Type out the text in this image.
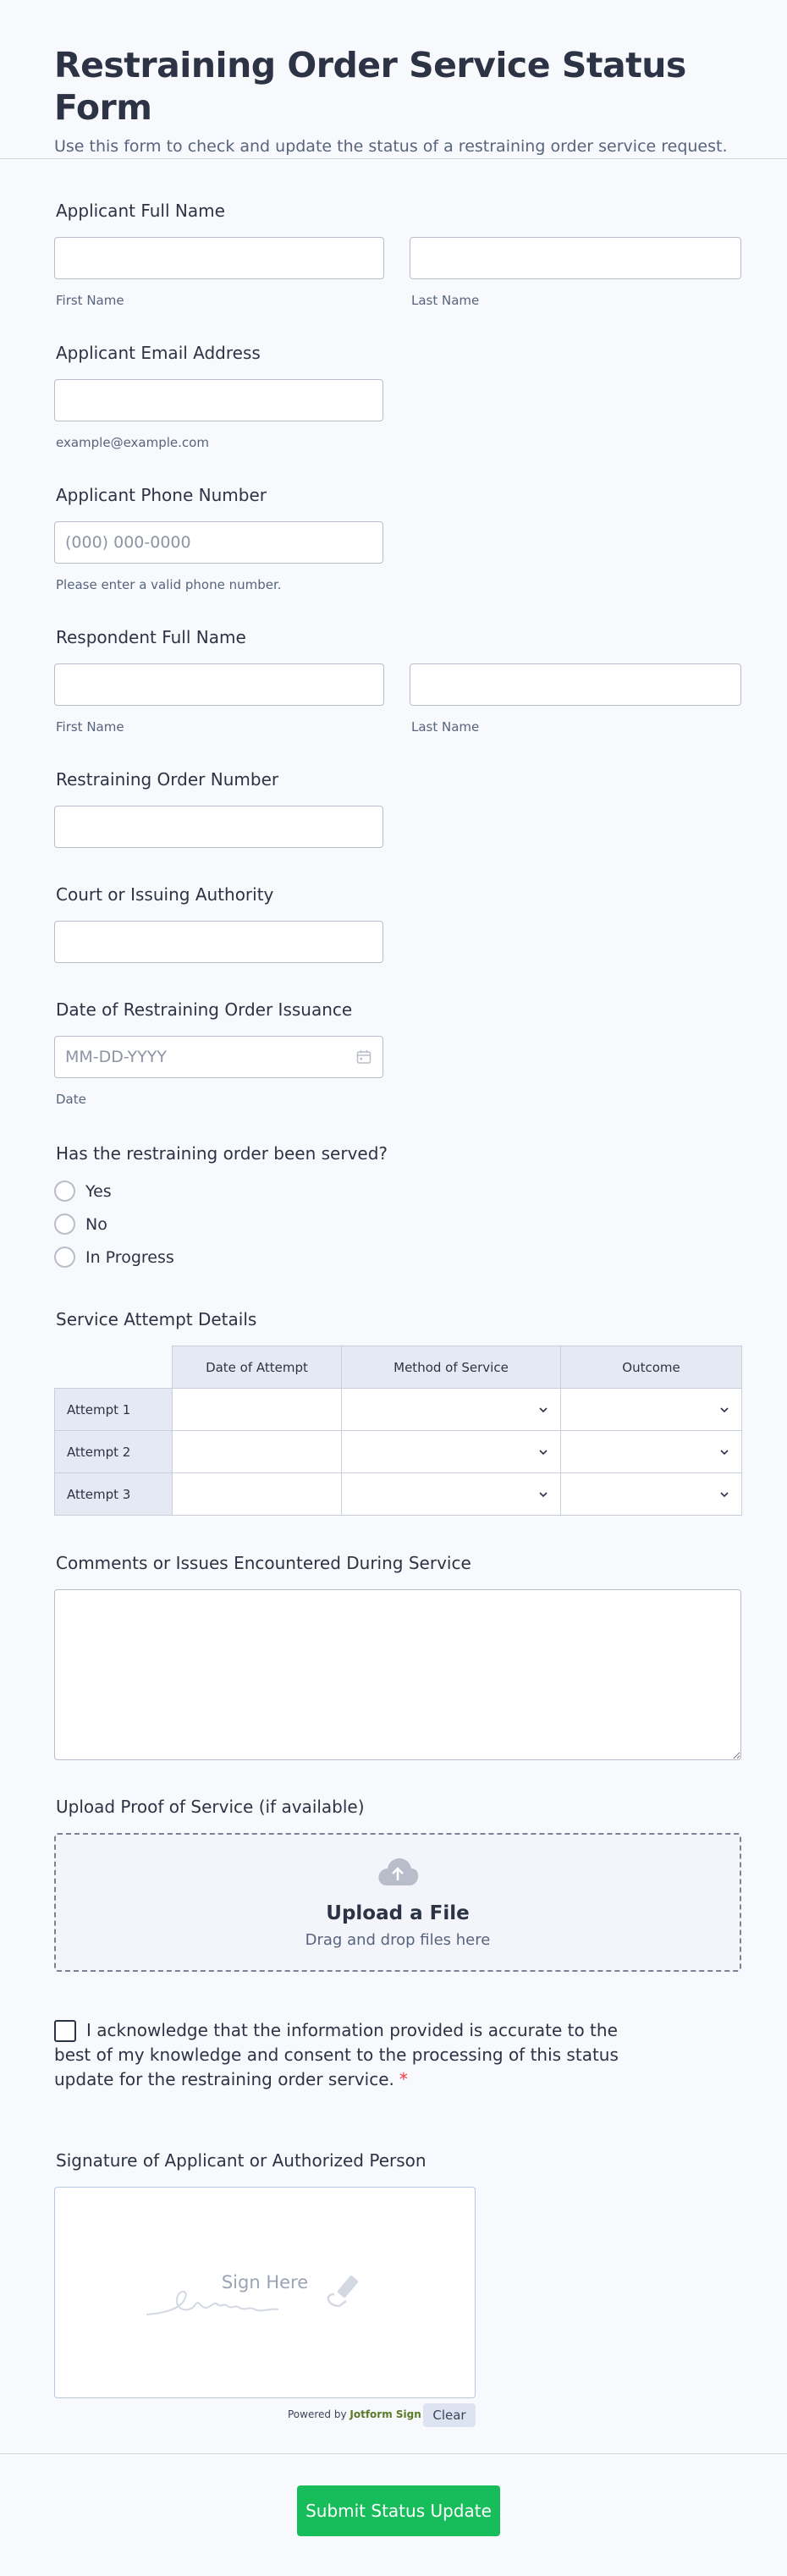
Restraining Order Service Status Form

Use this form to check and update the status of a restraining order service request.

Applicant Full Name
First Name	Last Name
Applicant Email Address
example@example.com
Applicant Phone Number
(000) 000-0000
Please enter a valid phone number.
Respondent Full Name
First Name	Last Name
Restraining Order Number
Court or Issuing Authority
Date of Restraining Order Issuance
MM-DD-YYYY
Date
Has the restraining order been served?
Yes
No
In Progress
Service Attempt Details
	Date of Attempt	Method of Service	Outcome
Attempt 1		

Attempt 2		

Attempt 3		

Comments or Issues Encountered During Service
Upload Proof of Service (if available)
Upload a File
Drag and drop files here
I acknowledge that the information provided is accurate to the best of my knowledge and consent to the processing of this status update for the restraining order service. *
Signature of Applicant or Authorized Person
Sign Here
Powered by Jotform Sign Clear
Submit Status Update
